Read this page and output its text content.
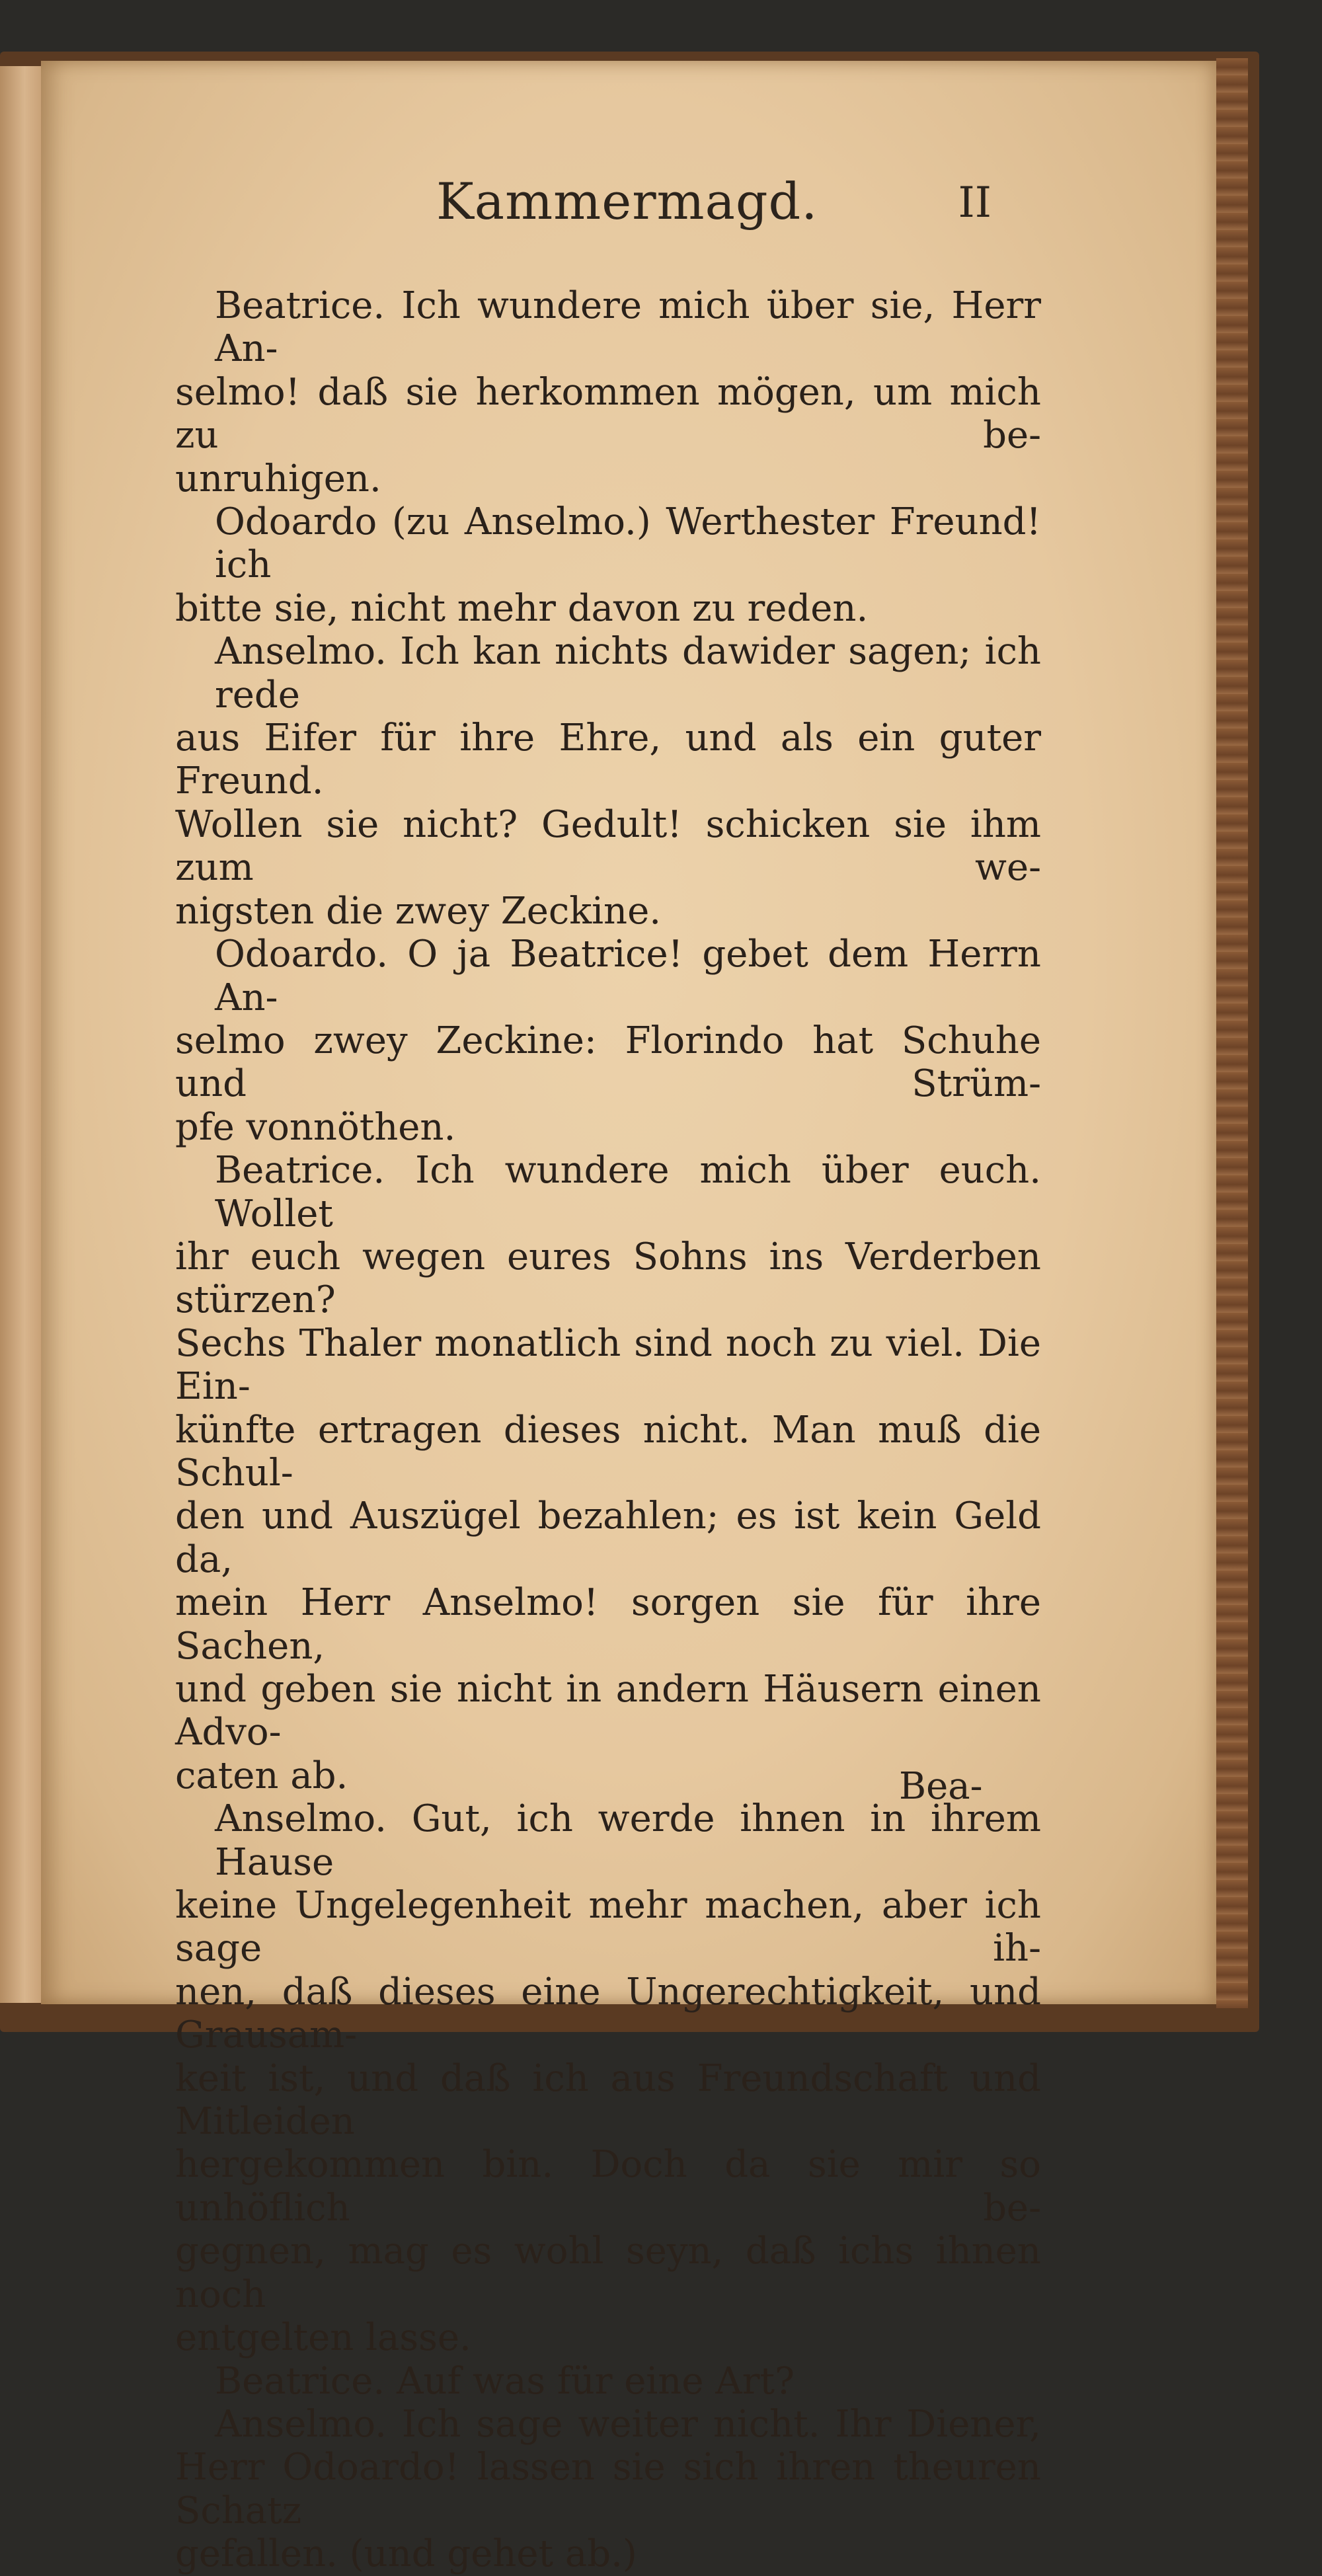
Kammermagd.	II
Beatrice. Ich wundere mich über sie, Herr An-
selmo! daß sie herkommen mögen, um mich zu be-
unruhigen.
Odoardo (zu Anselmo.) Werthester Freund! ich
bitte sie, nicht mehr davon zu reden.
Anselmo. Ich kan nichts dawider sagen; ich rede
aus Eifer für ihre Ehre, und als ein guter Freund.
Wollen sie nicht? Gedult! schicken sie ihm zum we-
nigsten die zwey Zeckine.
Odoardo. O ja Beatrice! gebet dem Herrn An-
selmo zwey Zeckine: Florindo hat Schuhe und Strüm-
pfe vonnöthen.
Beatrice. Ich wundere mich über euch. Wollet
ihr euch wegen eures Sohns ins Verderben stürzen?
Sechs Thaler monatlich sind noch zu viel. Die Ein-
künfte ertragen dieses nicht. Man muß die Schul-
den und Auszügel bezahlen; es ist kein Geld da,
mein Herr Anselmo! sorgen sie für ihre Sachen,
und geben sie nicht in andern Häusern einen Advo-
caten ab.
Anselmo. Gut, ich werde ihnen in ihrem Hause
keine Ungelegenheit mehr machen, aber ich sage ih-
nen, daß dieses eine Ungerechtigkeit, und Grausam-
keit ist, und daß ich aus Freundschaft und Mitleiden
hergekommen bin. Doch da sie mir so unhöflich be-
gegnen, mag es wohl seyn, daß ichs ihnen noch
entgelten lasse.
Beatrice. Auf was für eine Art?
Anselmo. Ich sage weiter nicht. Ihr Diener,
Herr Odoardo! lassen sie sich ihren theuren Schatz
gefallen. (und gehet ab.)
Bea-
